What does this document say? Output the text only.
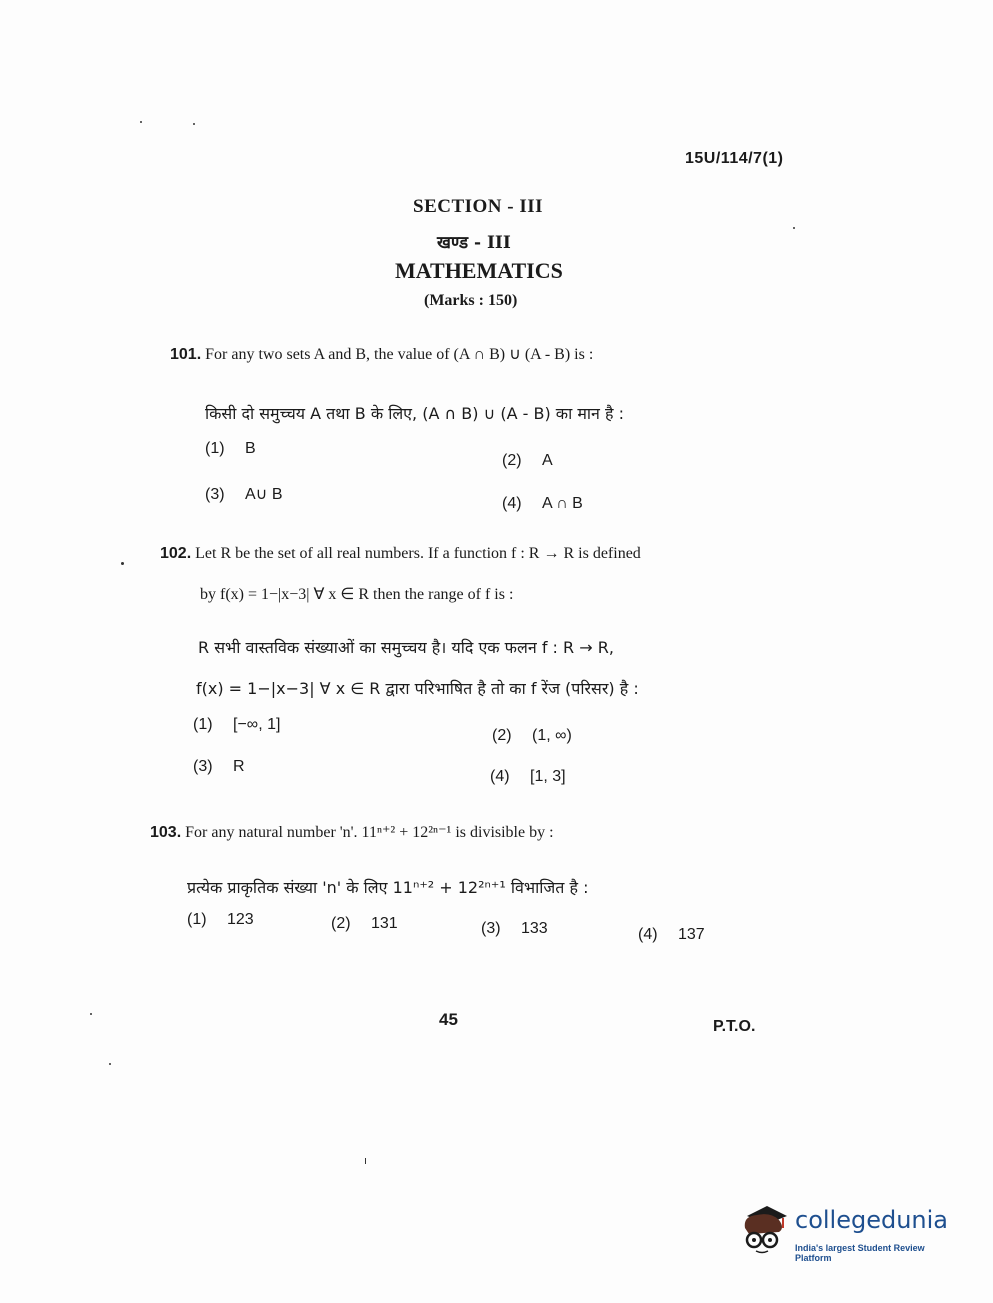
15U/114/7(1)
SECTION - III
खण्ड - III
MATHEMATICS
(Marks : 150)
101. For any two sets A and B, the value of (A ∩ B) ∪ (A - B) is :
किसी दो समुच्चय A तथा B के लिए, (A ∩ B) ∪ (A - B) का मान है :
(1) B
(2) A
(3) A∪ B
(4) A ∩ B
102. Let R be the set of all real numbers. If a function f : R → R is defined
by f(x) = 1−|x−3| ∀ x ∈ R then the range of f is :
R सभी वास्तविक संख्याओं का समुच्चय है। यदि एक फलन f : R → R,
f(x) = 1−|x−3| ∀ x ∈ R द्वारा परिभाषित है तो का f रेंज (परिसर) है :
(1) [−∞, 1]
(2) (1, ∞)
(3) R
(4) [1, 3]
103. For any natural number 'n'. 11ⁿ⁺² + 12²ⁿ⁻¹ is divisible by :
प्रत्येक प्राकृतिक संख्या 'n' के लिए 11ⁿ⁺² + 12²ⁿ⁺¹ विभाजित है :
(1) 123	(2) 131	(3) 133	(4) 137
45	P.T.O.
collegedunia
India's largest Student Review Platform
